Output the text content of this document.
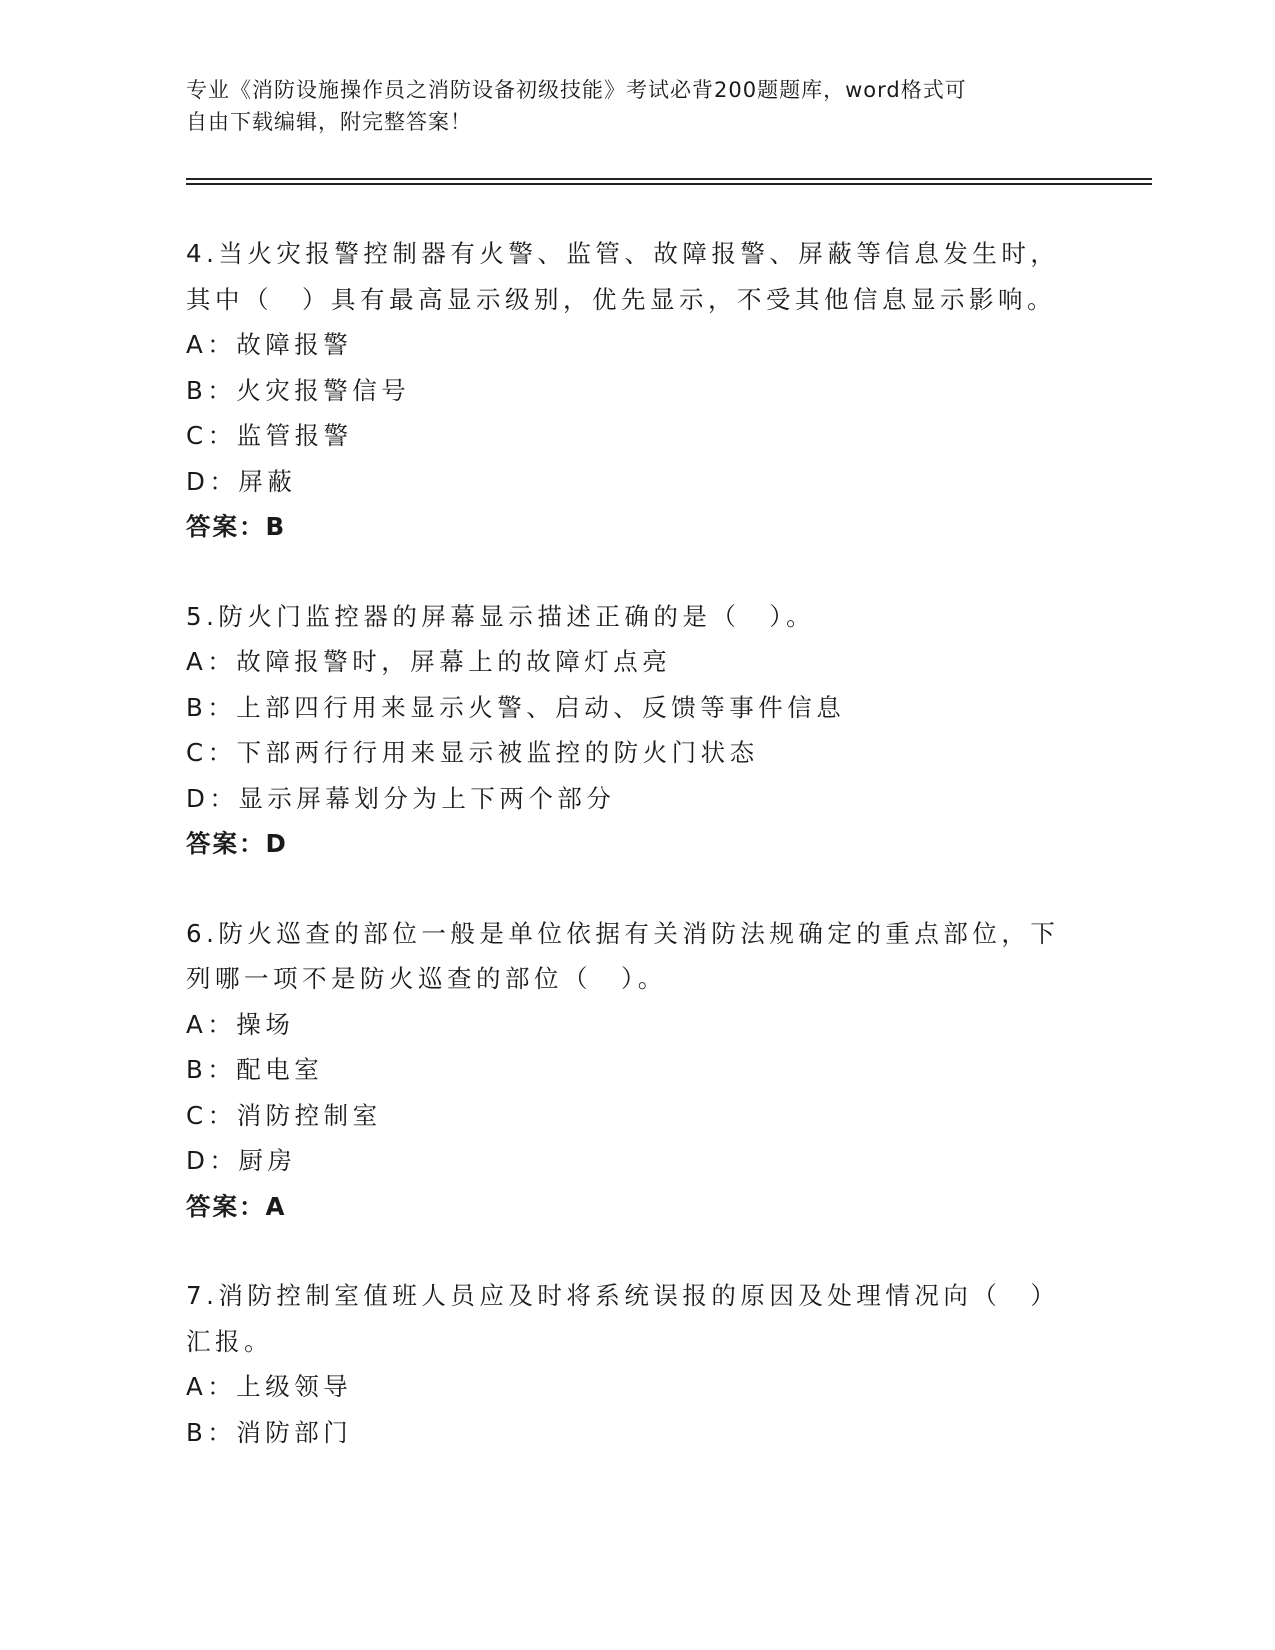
专业《消防设施操作员之消防设备初级技能》考试必背200题题库，word格式可
自由下载编辑，附完整答案！
4.当火灾报警控制器有火警、监管、故障报警、屏蔽等信息发生时，
其中（　）具有最高显示级别，优先显示，不受其他信息显示影响。
A：故障报警
B：火灾报警信号
C：监管报警
D：屏蔽
答案：B
5.防火门监控器的屏幕显示描述正确的是（　）。
A：故障报警时，屏幕上的故障灯点亮
B：上部四行用来显示火警、启动、反馈等事件信息
C：下部两行行用来显示被监控的防火门状态
D：显示屏幕划分为上下两个部分
答案：D
6.防火巡查的部位一般是单位依据有关消防法规确定的重点部位，下
列哪一项不是防火巡查的部位（　）。
A：操场
B：配电室
C：消防控制室
D：厨房
答案：A
7.消防控制室值班人员应及时将系统误报的原因及处理情况向（　）
汇报。
A：上级领导
B：消防部门
